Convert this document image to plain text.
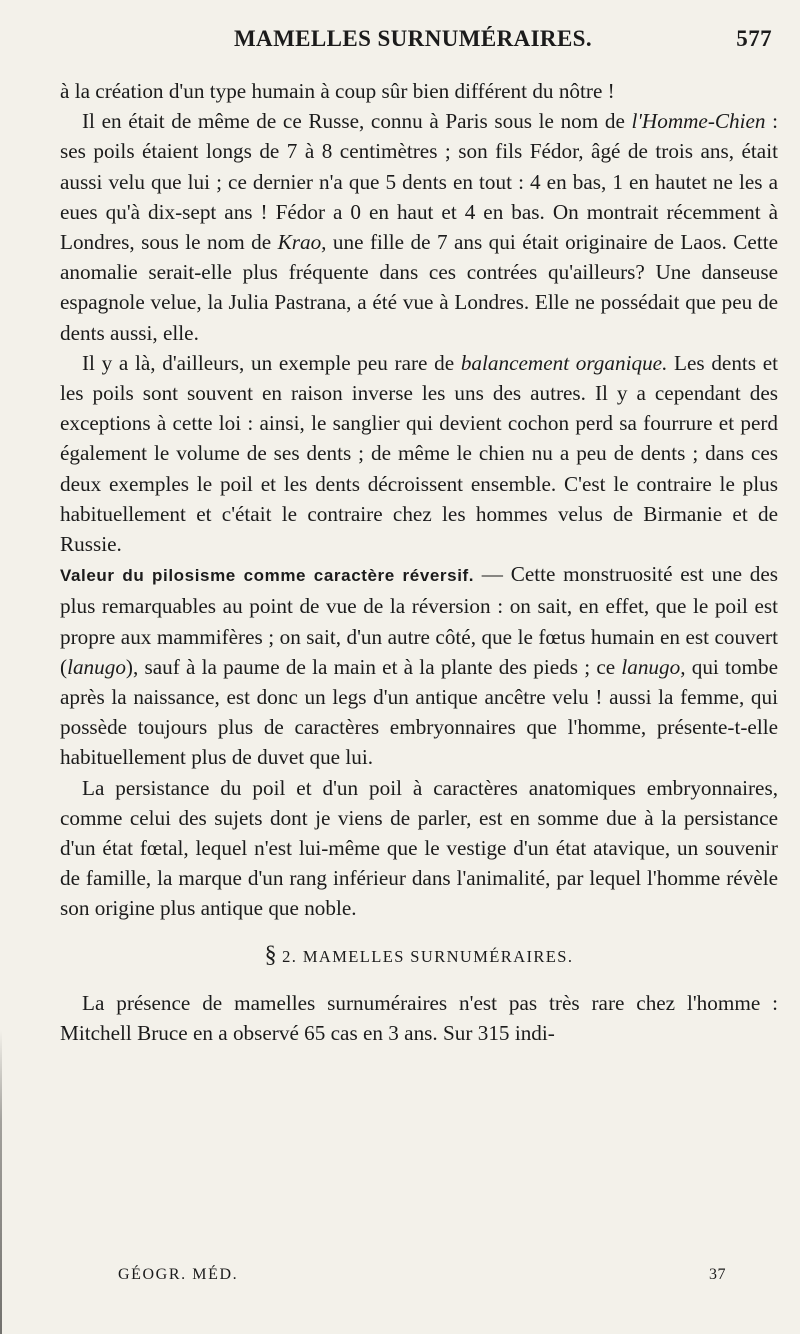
MAMELLES SURNUMÉRAIRES.	577

à la création d'un type humain à coup sûr bien différent du nôtre !

Il en était de même de ce Russe, connu à Paris sous le nom de l'Homme-Chien : ses poils étaient longs de 7 à 8 centimètres ; son fils Fédor, âgé de trois ans, était aussi velu que lui ; ce dernier n'a que 5 dents en tout : 4 en bas, 1 en hautet ne les a eues qu'à dix-sept ans ! Fédor a 0 en haut et 4 en bas. On montrait récemment à Londres, sous le nom de Krao, une fille de 7 ans qui était originaire de Laos. Cette anomalie serait-elle plus fréquente dans ces contrées qu'ailleurs? Une danseuse espagnole velue, la Julia Pastrana, a été vue à Londres. Elle ne possédait que peu de dents aussi, elle.

Il y a là, d'ailleurs, un exemple peu rare de balancement organique. Les dents et les poils sont souvent en raison inverse les uns des autres. Il y a cependant des exceptions à cette loi : ainsi, le sanglier qui devient cochon perd sa fourrure et perd également le volume de ses dents ; de même le chien nu a peu de dents ; dans ces deux exemples le poil et les dents décroissent ensemble. C'est le contraire le plus habituellement et c'était le contraire chez les hommes velus de Birmanie et de Russie.

Valeur du pilosisme comme caractère réversif. — Cette monstruosité est une des plus remarquables au point de vue de la réversion : on sait, en effet, que le poil est propre aux mammifères ; on sait, d'un autre côté, que le fœtus humain en est couvert (lanugo), sauf à la paume de la main et à la plante des pieds ; ce lanugo, qui tombe après la naissance, est donc un legs d'un antique ancêtre velu ! aussi la femme, qui possède toujours plus de caractères embryonnaires que l'homme, présente-t-elle habituellement plus de duvet que lui.

La persistance du poil et d'un poil à caractères anatomiques embryonnaires, comme celui des sujets dont je viens de parler, est en somme due à la persistance d'un état fœtal, lequel n'est lui-même que le vestige d'un état atavique, un souvenir de famille, la marque d'un rang inférieur dans l'animalité, par lequel l'homme révèle son origine plus antique que noble.

§ 2. MAMELLES SURNUMÉRAIRES.

La présence de mamelles surnuméraires n'est pas très rare chez l'homme : Mitchell Bruce en a observé 65 cas en 3 ans. Sur 315 indi-

GÉOGR. MÉD.	37
